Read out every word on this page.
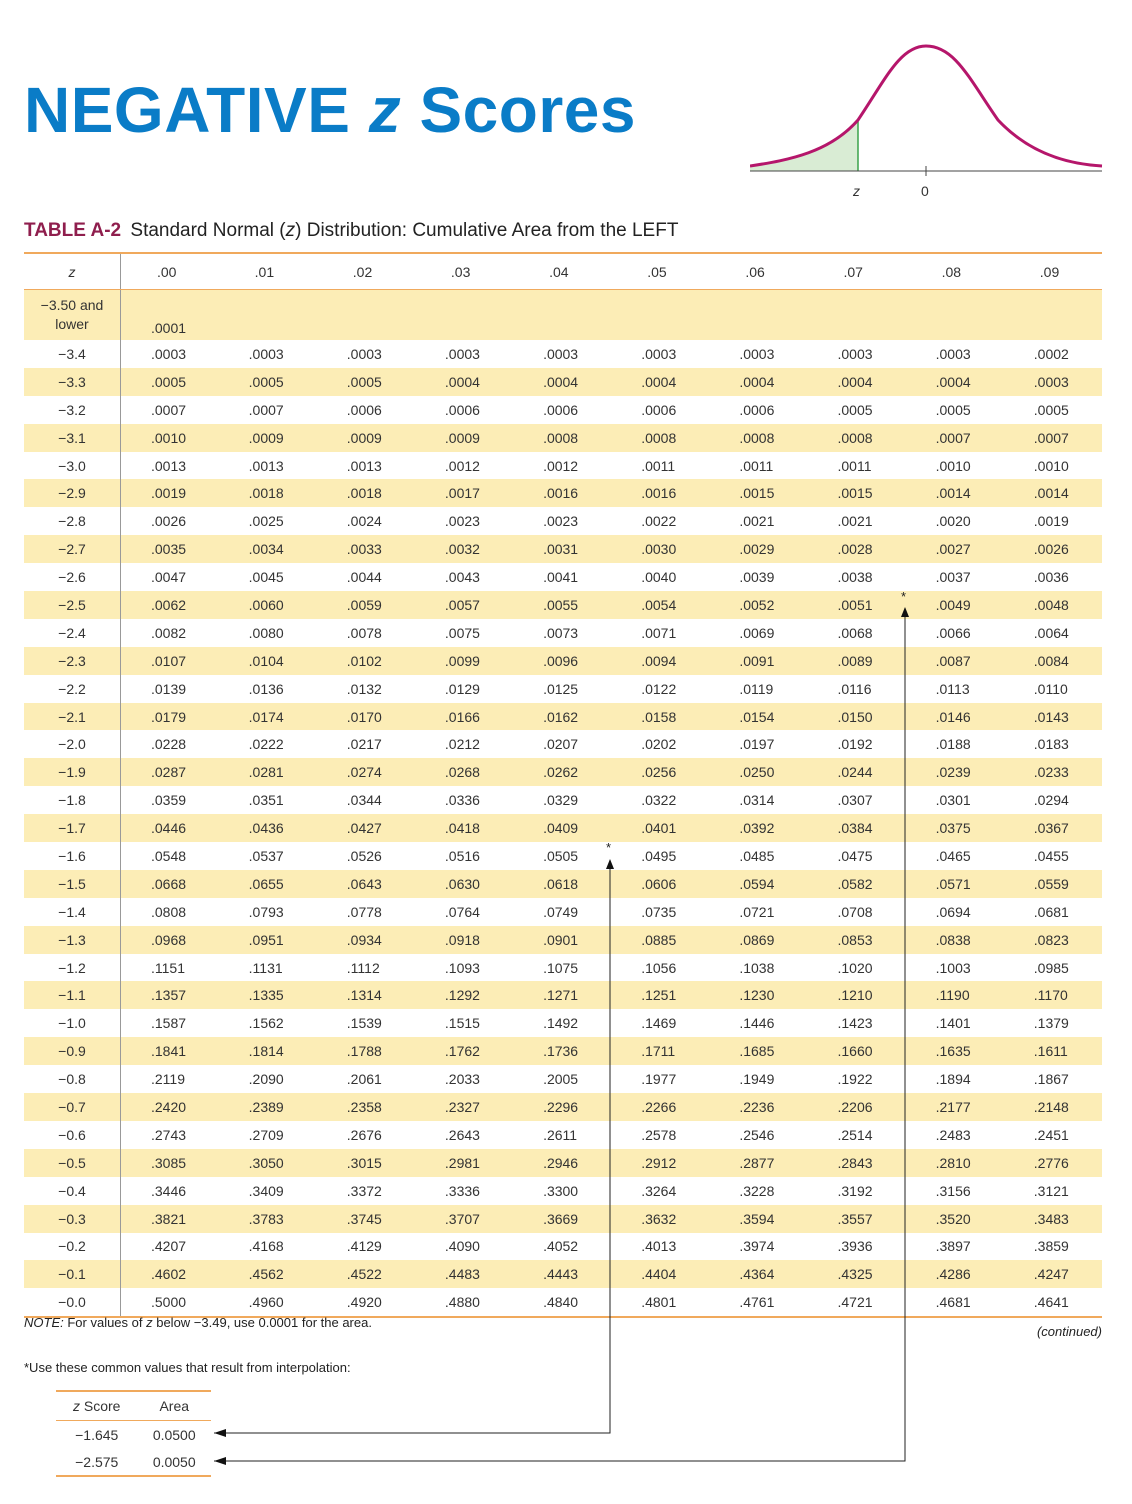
NEGATIVE z Scores
z	0
TABLE A-2 Standard Normal (z) Distribution: Cumulative Area from the LEFT
z	.00	.01	.02	.03	.04	.05	.06	.07	.08	.09
−3.50 and
lower	.0001									
−3.4	.0003	.0003	.0003	.0003	.0003	.0003	.0003	.0003	.0003	.0002
−3.3	.0005	.0005	.0005	.0004	.0004	.0004	.0004	.0004	.0004	.0003
−3.2	.0007	.0007	.0006	.0006	.0006	.0006	.0006	.0005	.0005	.0005
−3.1	.0010	.0009	.0009	.0009	.0008	.0008	.0008	.0008	.0007	.0007
−3.0	.0013	.0013	.0013	.0012	.0012	.0011	.0011	.0011	.0010	.0010
−2.9	.0019	.0018	.0018	.0017	.0016	.0016	.0015	.0015	.0014	.0014
−2.8	.0026	.0025	.0024	.0023	.0023	.0022	.0021	.0021	.0020	.0019
−2.7	.0035	.0034	.0033	.0032	.0031	.0030	.0029	.0028	.0027	.0026
−2.6	.0047	.0045	.0044	.0043	.0041	.0040	.0039	.0038	.0037	.0036
−2.5	.0062	.0060	.0059	.0057	.0055	.0054	.0052	.0051	.0049	.0048
−2.4	.0082	.0080	.0078	.0075	.0073	.0071	.0069	.0068	.0066	.0064
−2.3	.0107	.0104	.0102	.0099	.0096	.0094	.0091	.0089	.0087	.0084
−2.2	.0139	.0136	.0132	.0129	.0125	.0122	.0119	.0116	.0113	.0110
−2.1	.0179	.0174	.0170	.0166	.0162	.0158	.0154	.0150	.0146	.0143
−2.0	.0228	.0222	.0217	.0212	.0207	.0202	.0197	.0192	.0188	.0183
−1.9	.0287	.0281	.0274	.0268	.0262	.0256	.0250	.0244	.0239	.0233
−1.8	.0359	.0351	.0344	.0336	.0329	.0322	.0314	.0307	.0301	.0294
−1.7	.0446	.0436	.0427	.0418	.0409	.0401	.0392	.0384	.0375	.0367
−1.6	.0548	.0537	.0526	.0516	.0505	.0495	.0485	.0475	.0465	.0455
−1.5	.0668	.0655	.0643	.0630	.0618	.0606	.0594	.0582	.0571	.0559
−1.4	.0808	.0793	.0778	.0764	.0749	.0735	.0721	.0708	.0694	.0681
−1.3	.0968	.0951	.0934	.0918	.0901	.0885	.0869	.0853	.0838	.0823
−1.2	.1151	.1131	.1112	.1093	.1075	.1056	.1038	.1020	.1003	.0985
−1.1	.1357	.1335	.1314	.1292	.1271	.1251	.1230	.1210	.1190	.1170
−1.0	.1587	.1562	.1539	.1515	.1492	.1469	.1446	.1423	.1401	.1379
−0.9	.1841	.1814	.1788	.1762	.1736	.1711	.1685	.1660	.1635	.1611
−0.8	.2119	.2090	.2061	.2033	.2005	.1977	.1949	.1922	.1894	.1867
−0.7	.2420	.2389	.2358	.2327	.2296	.2266	.2236	.2206	.2177	.2148
−0.6	.2743	.2709	.2676	.2643	.2611	.2578	.2546	.2514	.2483	.2451
−0.5	.3085	.3050	.3015	.2981	.2946	.2912	.2877	.2843	.2810	.2776
−0.4	.3446	.3409	.3372	.3336	.3300	.3264	.3228	.3192	.3156	.3121
−0.3	.3821	.3783	.3745	.3707	.3669	.3632	.3594	.3557	.3520	.3483
−0.2	.4207	.4168	.4129	.4090	.4052	.4013	.3974	.3936	.3897	.3859
−0.1	.4602	.4562	.4522	.4483	.4443	.4404	.4364	.4325	.4286	.4247
−0.0	.5000	.4960	.4920	.4880	.4840	.4801	.4761	.4721	.4681	.4641
*
*
NOTE: For values of z below −3.49, use 0.0001 for the area.
(continued)
*Use these common values that result from interpolation:
z Score	Area
−1.645	0.0500
−2.575	0.0050
